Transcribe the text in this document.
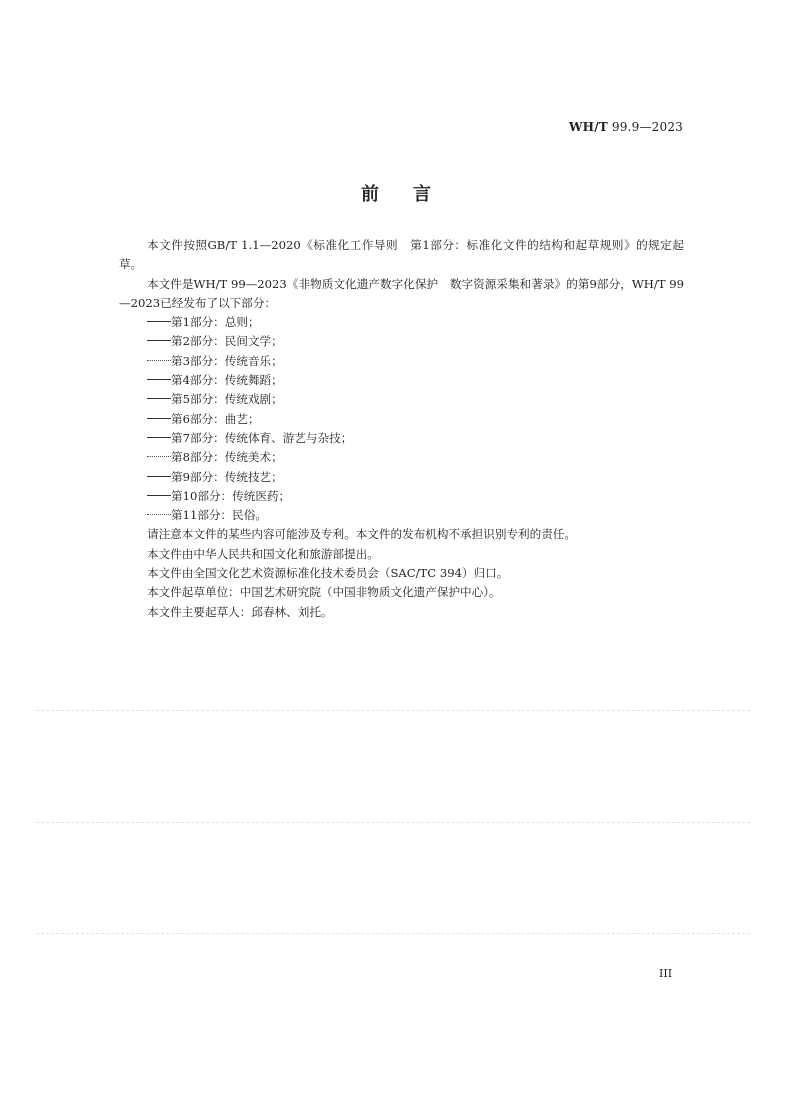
WH/T 99.9—2023
前言

本文件按照GB/T 1.1—2020《标准化工作导则　第1部分：标准化文件的结构和起草规则》的规定起草。

本文件是WH/T 99—2023《非物质文化遗产数字化保护　数字资源采集和著录》的第9部分，WH/T 99—2023已经发布了以下部分：

第1部分：总则；
第2部分：民间文学；
第3部分：传统音乐；
第4部分：传统舞蹈；
第5部分：传统戏剧；
第6部分：曲艺；
第7部分：传统体育、游艺与杂技；
第8部分：传统美术；
第9部分：传统技艺；
第10部分：传统医药；
第11部分：民俗。

请注意本文件的某些内容可能涉及专利。本文件的发布机构不承担识别专利的责任。

本文件由中华人民共和国文化和旅游部提出。

本文件由全国文化艺术资源标准化技术委员会（SAC/TC 394）归口。

本文件起草单位：中国艺术研究院（中国非物质文化遗产保护中心）。

本文件主要起草人：邱春林、刘托。

III
